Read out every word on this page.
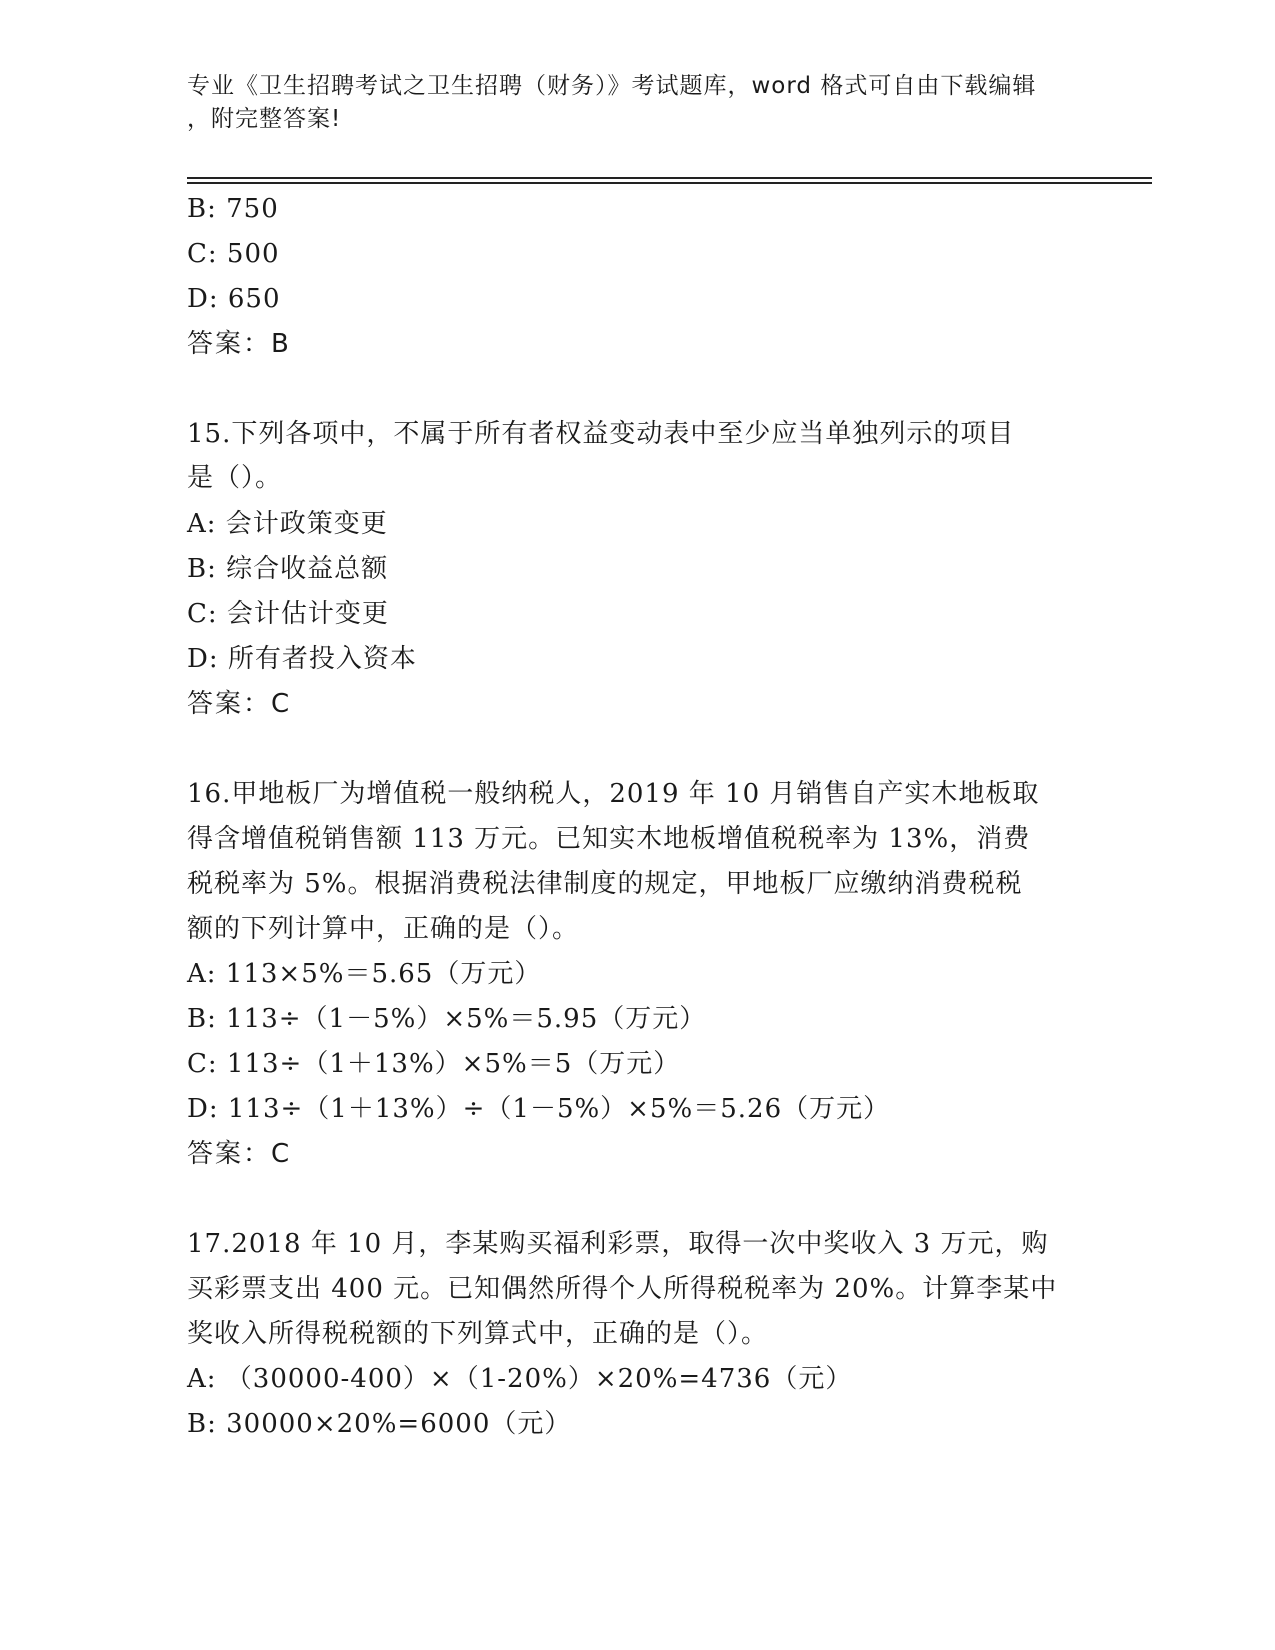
专业《卫生招聘考试之卫生招聘（财务）》考试题库，word 格式可自由下载编辑
，附完整答案!
B: 750
C: 500
D: 650
答案：B
15.下列各项中，不属于所有者权益变动表中至少应当单独列示的项目
是（）。
A: 会计政策变更
B: 综合收益总额
C: 会计估计变更
D: 所有者投入资本
答案：C
16.甲地板厂为增值税一般纳税人，2019 年 10 月销售自产实木地板取
得含增值税销售额 113 万元。已知实木地板增值税税率为 13%，消费
税税率为 5%。根据消费税法律制度的规定，甲地板厂应缴纳消费税税
额的下列计算中，正确的是（）。
A: 113×5%＝5.65（万元）
B: 113÷（1－5%）×5%＝5.95（万元）
C: 113÷（1＋13%）×5%＝5（万元）
D: 113÷（1＋13%）÷（1－5%）×5%＝5.26（万元）
答案：C
17.2018 年 10 月，李某购买福利彩票，取得一次中奖收入 3 万元，购
买彩票支出 400 元。已知偶然所得个人所得税税率为 20%。计算李某中
奖收入所得税税额的下列算式中，正确的是（）。
A: （30000-400）×（1-20%）×20%=4736（元）
B: 30000×20%=6000（元）
